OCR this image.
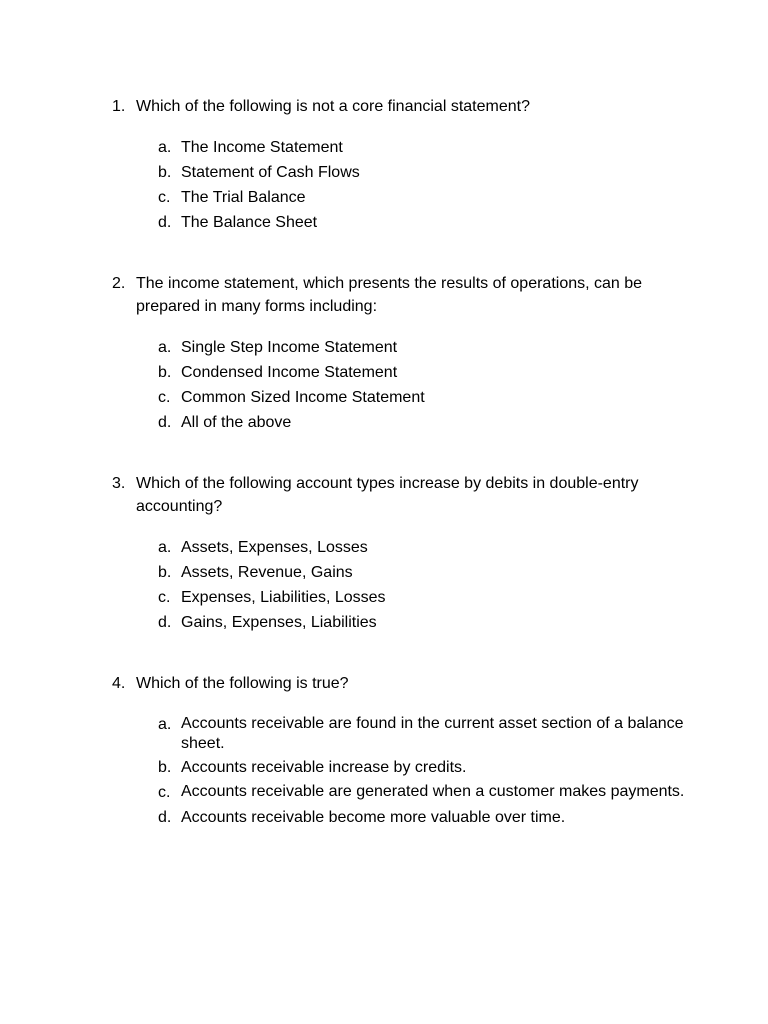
1. Which of the following is not a core financial statement?
a. The Income Statement
b. Statement of Cash Flows
c. The Trial Balance
d. The Balance Sheet
2. The income statement, which presents the results of operations, can be prepared in many forms including:
a. Single Step Income Statement
b. Condensed Income Statement
c. Common Sized Income Statement
d. All of the above
3. Which of the following account types increase by debits in double-entry accounting?
a. Assets, Expenses, Losses
b. Assets, Revenue, Gains
c. Expenses, Liabilities, Losses
d. Gains, Expenses, Liabilities
4. Which of the following is true?
a. Accounts receivable are found in the current asset section of a balance sheet.
b. Accounts receivable increase by credits.
c. Accounts receivable are generated when a customer makes payments.
d. Accounts receivable become more valuable over time.
